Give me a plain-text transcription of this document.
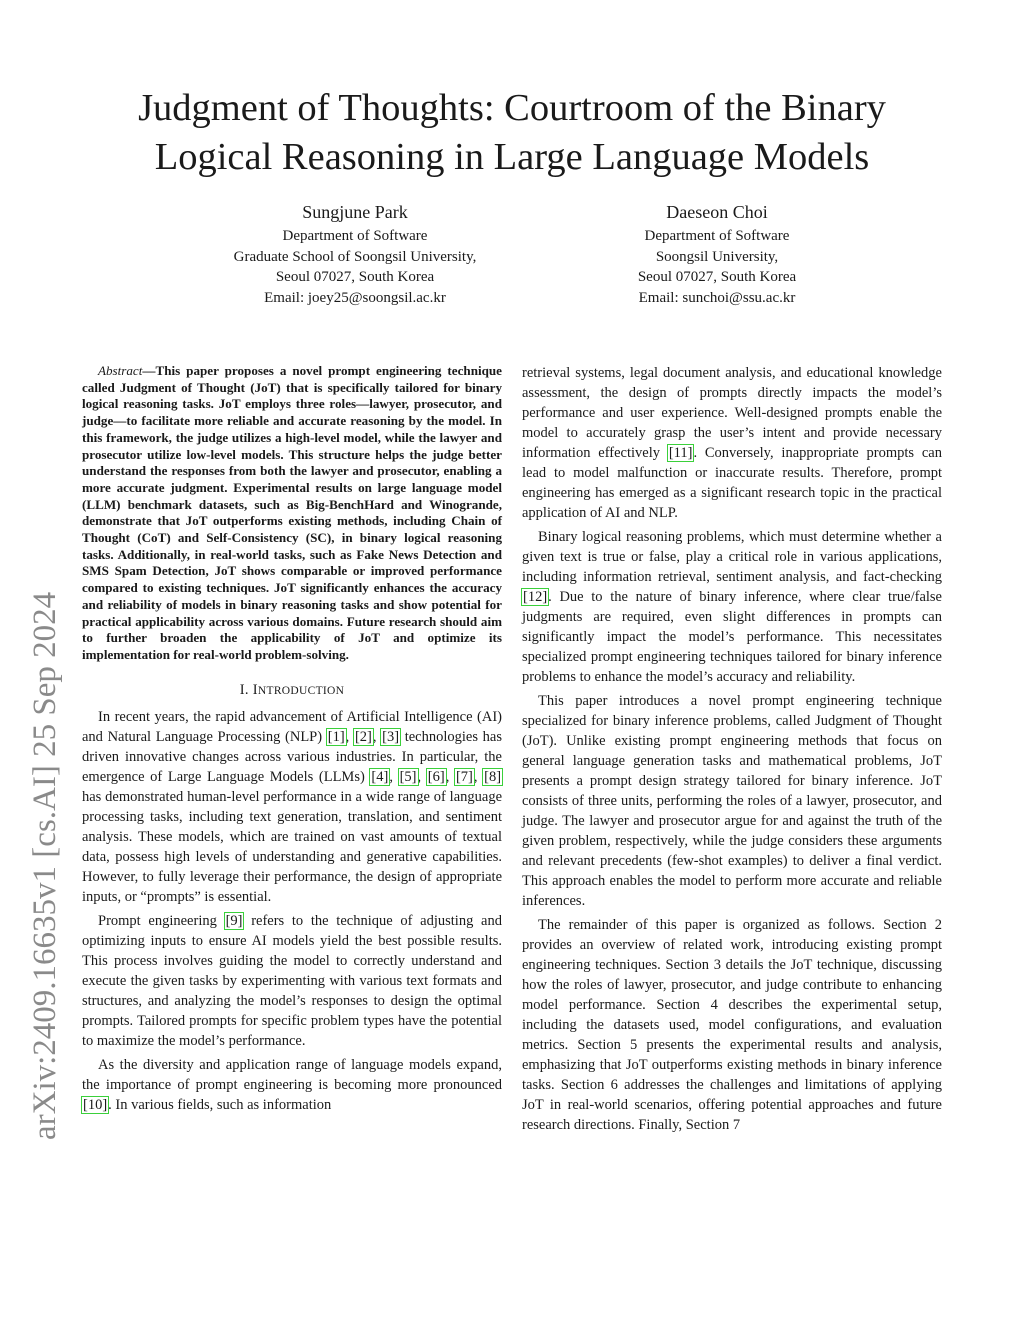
Judgment of Thoughts: Courtroom of the Binary
Logical Reasoning in Large Language Models
Sungjune Park
Department of Software
Graduate School of Soongsil University,
Seoul 07027, South Korea
Email: joey25@soongsil.ac.kr
Daeseon Choi
Department of Software
Soongsil University,
Seoul 07027, South Korea
Email: sunchoi@ssu.ac.kr
arXiv:2409.16635v1 [cs.AI] 25 Sep 2024

Abstract—This paper proposes a novel prompt engineering technique called Judgment of Thought (JoT) that is specifically tailored for binary logical reasoning tasks. JoT employs three roles—lawyer, prosecutor, and judge—to facilitate more reliable and accurate reasoning by the model. In this framework, the judge utilizes a high-level model, while the lawyer and prosecutor utilize low-level models. This structure helps the judge better understand the responses from both the lawyer and prosecutor, enabling a more accurate judgment. Experimental results on large language model (LLM) benchmark datasets, such as Big-BenchHard and Winogrande, demonstrate that JoT outperforms existing methods, including Chain of Thought (CoT) and Self-Consistency (SC), in binary logical reasoning tasks. Additionally, in real-world tasks, such as Fake News Detection and SMS Spam Detection, JoT shows comparable or improved performance compared to existing techniques. JoT significantly enhances the accuracy and reliability of models in binary reasoning tasks and show potential for practical applicability across various domains. Future research should aim to further broaden the applicability of JoT and optimize its implementation for real-world problem-solving.

I. INTRODUCTION

In recent years, the rapid advancement of Artificial Intelligence (AI) and Natural Language Processing (NLP) [1], [2], [3] technologies has driven innovative changes across various industries. In particular, the emergence of Large Language Models (LLMs) [4], [5], [6], [7], [8] has demonstrated human-level performance in a wide range of language processing tasks, including text generation, translation, and sentiment analysis. These models, which are trained on vast amounts of textual data, possess high levels of understanding and generative capabilities. However, to fully leverage their performance, the design of appropriate inputs, or “prompts” is essential.

Prompt engineering [9] refers to the technique of adjusting and optimizing inputs to ensure AI models yield the best possible results. This process involves guiding the model to correctly understand and execute the given tasks by experimenting with various text formats and structures, and analyzing the model’s responses to design the optimal prompts. Tailored prompts for specific problem types have the potential to maximize the model’s performance.

As the diversity and application range of language models expand, the importance of prompt engineering is becoming more pronounced [10]. In various fields, such as information

retrieval systems, legal document analysis, and educational knowledge assessment, the design of prompts directly impacts the model’s performance and user experience. Well-designed prompts enable the model to accurately grasp the user’s intent and provide necessary information effectively [11]. Conversely, inappropriate prompts can lead to model malfunction or inaccurate results. Therefore, prompt engineering has emerged as a significant research topic in the practical application of AI and NLP.

Binary logical reasoning problems, which must determine whether a given text is true or false, play a critical role in various applications, including information retrieval, sentiment analysis, and fact-checking [12]. Due to the nature of binary inference, where clear true/false judgments are required, even slight differences in prompts can significantly impact the model’s performance. This necessitates specialized prompt engineering techniques tailored for binary inference problems to enhance the model’s accuracy and reliability.

This paper introduces a novel prompt engineering technique specialized for binary inference problems, called Judgment of Thought (JoT). Unlike existing prompt engineering methods that focus on general language generation tasks and mathematical problems, JoT presents a prompt design strategy tailored for binary inference. JoT consists of three units, performing the roles of a lawyer, prosecutor, and judge. The lawyer and prosecutor argue for and against the truth of the given problem, respectively, while the judge considers these arguments and relevant precedents (few-shot examples) to deliver a final verdict. This approach enables the model to perform more accurate and reliable inferences.

The remainder of this paper is organized as follows. Section 2 provides an overview of related work, introducing existing prompt engineering techniques. Section 3 details the JoT technique, discussing how the roles of lawyer, prosecutor, and judge contribute to enhancing model performance. Section 4 describes the experimental setup, including the datasets used, model configurations, and evaluation metrics. Section 5 presents the experimental results and analysis, emphasizing that JoT outperforms existing methods in binary inference tasks. Section 6 addresses the challenges and limitations of applying JoT in real-world scenarios, offering potential approaches and future research directions. Finally, Section 7
